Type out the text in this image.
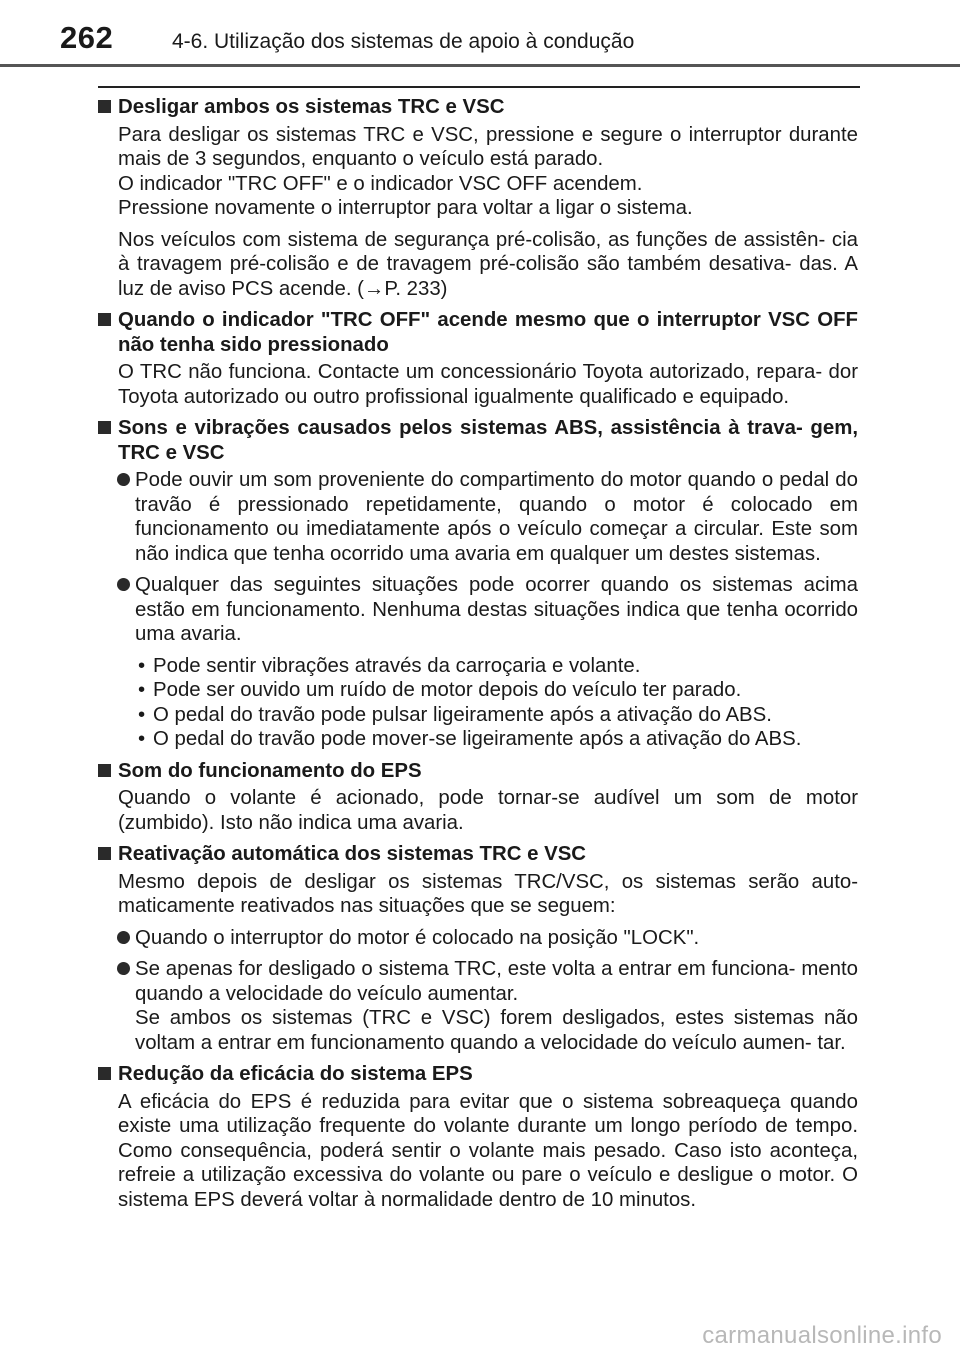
262	4-6. Utilização dos sistemas de apoio à condução
Desligar ambos os sistemas TRC e VSC
Para desligar os sistemas TRC e VSC, pressione e segure o interruptor durante mais de 3 segundos, enquanto o veículo está parado.
O indicador "TRC OFF" e o indicador VSC OFF acendem.
Pressione novamente o interruptor para voltar a ligar o sistema.
Nos veículos com sistema de segurança pré-colisão, as funções de assistên- cia à travagem pré-colisão e de travagem pré-colisão são também desativa- das. A luz de aviso PCS acende. (→P. 233)
Quando o indicador "TRC OFF" acende mesmo que o interruptor VSC OFF não tenha sido pressionado
O TRC não funciona. Contacte um concessionário Toyota autorizado, repara- dor Toyota autorizado ou outro profissional igualmente qualificado e equipado.
Sons e vibrações causados pelos sistemas ABS, assistência à trava- gem, TRC e VSC
Pode ouvir um som proveniente do compartimento do motor quando o pedal do travão é pressionado repetidamente, quando o motor é colocado em funcionamento ou imediatamente após o veículo começar a circular. Este som não indica que tenha ocorrido uma avaria em qualquer um destes sistemas.
Qualquer das seguintes situações pode ocorrer quando os sistemas acima estão em funcionamento. Nenhuma destas situações indica que tenha ocorrido uma avaria.
• Pode sentir vibrações através da carroçaria e volante.
• Pode ser ouvido um ruído de motor depois do veículo ter parado.
• O pedal do travão pode pulsar ligeiramente após a ativação do ABS.
• O pedal do travão pode mover-se ligeiramente após a ativação do ABS.
Som do funcionamento do EPS
Quando o volante é acionado, pode tornar-se audível um som de motor (zumbido). Isto não indica uma avaria.
Reativação automática dos sistemas TRC e VSC
Mesmo depois de desligar os sistemas TRC/VSC, os sistemas serão auto- maticamente reativados nas situações que se seguem:
Quando o interruptor do motor é colocado na posição "LOCK".
Se apenas for desligado o sistema TRC, este volta a entrar em funciona- mento quando a velocidade do veículo aumentar.
Se ambos os sistemas (TRC e VSC) forem desligados, estes sistemas não voltam a entrar em funcionamento quando a velocidade do veículo aumen- tar.
Redução da eficácia do sistema EPS
A eficácia do EPS é reduzida para evitar que o sistema sobreaqueça quando existe uma utilização frequente do volante durante um longo período de tempo. Como consequência, poderá sentir o volante mais pesado. Caso isto aconteça, refreie a utilização excessiva do volante ou pare o veículo e desligue o motor. O sistema EPS deverá voltar à normalidade dentro de 10 minutos.
carmanualsonline.info
